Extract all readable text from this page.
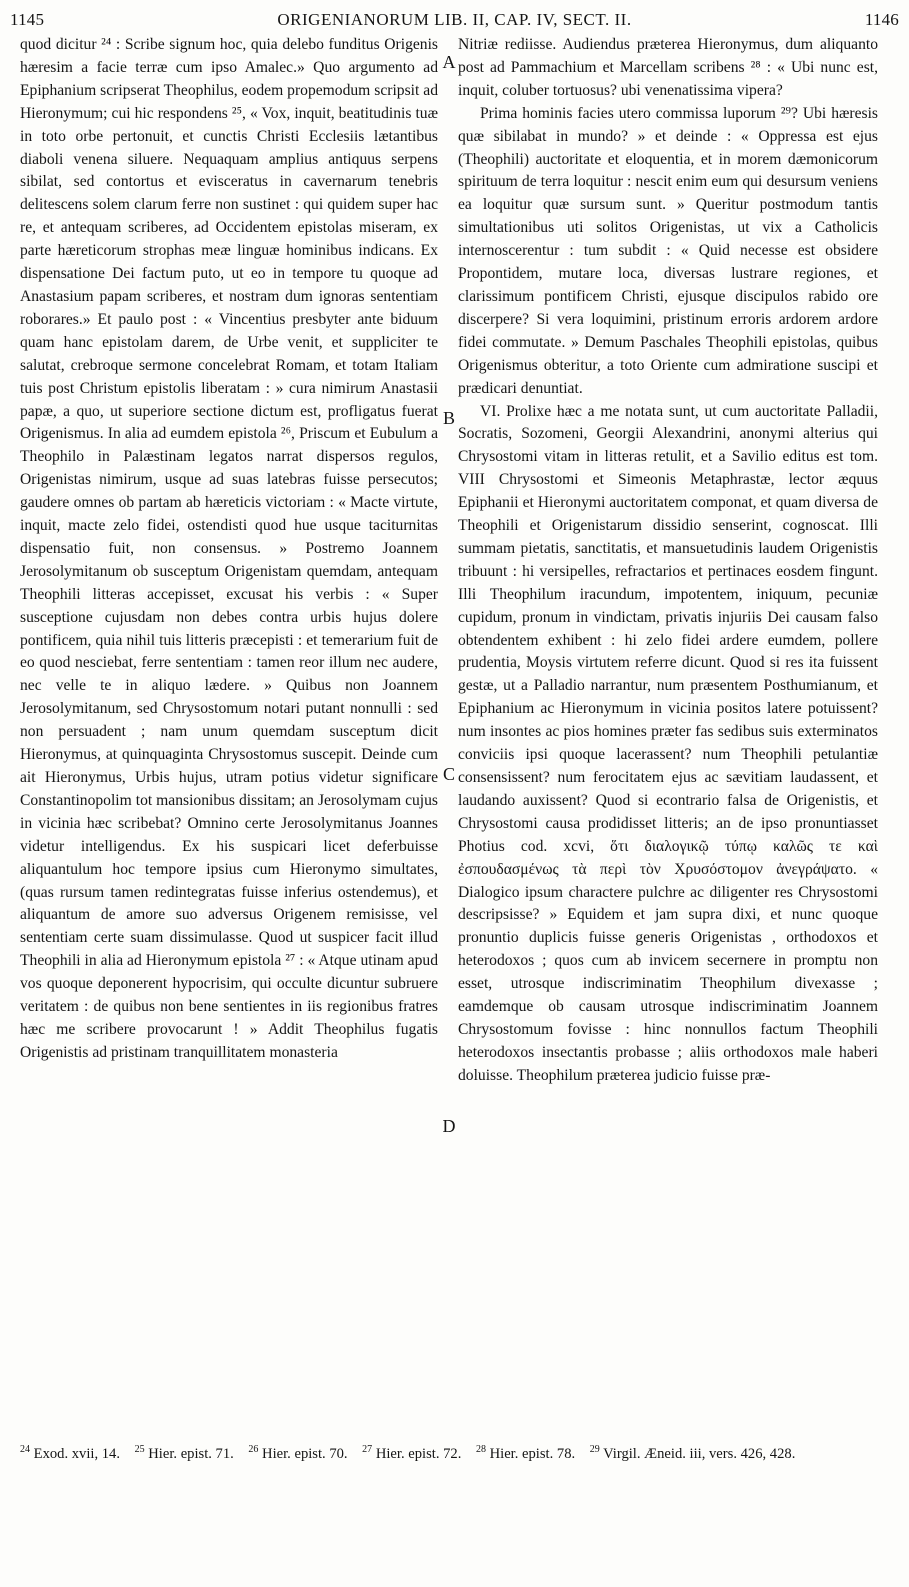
1145	ORIGENIANORUM LIB. II, CAP. IV, SECT. II.	1146

quod dicitur ²⁴ : Scribe signum hoc, quia delebo funditus Origenis hæresim a facie terræ cum ipso Amalec.» Quo argumento ad Epiphanium scripserat Theophilus, eodem propemodum scripsit ad Hieronymum; cui hic respondens ²⁵, « Vox, inquit, beatitudinis tuæ in toto orbe pertonuit, et cunctis Christi Ecclesiis lætantibus diaboli venena siluere. Nequaquam amplius antiquus serpens sibilat, sed contortus et evisceratus in cavernarum tenebris delitescens solem clarum ferre non sustinet : qui quidem super hac re, et antequam scriberes, ad Occidentem epistolas miseram, ex parte hæreticorum strophas meæ linguæ hominibus indicans. Ex dispensatione Dei factum puto, ut eo in tempore tu quoque ad Anastasium papam scriberes, et nostram dum ignoras sententiam roborares.» Et paulo post : « Vincentius presbyter ante biduum quam hanc epistolam darem, de Urbe venit, et suppliciter te salutat, crebroque sermone concelebrat Romam, et totam Italiam tuis post Christum epistolis liberatam : » cura nimirum Anastasii papæ, a quo, ut superiore sectione dictum est, profligatus fuerat Origenismus. In alia ad eumdem epistola ²⁶, Priscum et Eubulum a Theophilo in Palæstinam legatos narrat dispersos regulos, Origenistas nimirum, usque ad suas latebras fuisse persecutos; gaudere omnes ob partam ab hæreticis victoriam : « Macte virtute, inquit, macte zelo fidei, ostendisti quod hue usque taciturnitas dispensatio fuit, non consensus. » Postremo Joannem Jerosolymitanum ob susceptum Origenistam quemdam, antequam Theophili litteras accepisset, excusat his verbis : « Super susceptione cujusdam non debes contra urbis hujus dolere pontificem, quia nihil tuis litteris præcepisti : et temerarium fuit de eo quod nesciebat, ferre sententiam : tamen reor illum nec audere, nec velle te in aliquo lædere. » Quibus non Joannem Jerosolymitanum, sed Chrysostomum notari putant nonnulli : sed non persuadent ; nam unum quemdam susceptum dicit Hieronymus, at quinquaginta Chrysostomus suscepit. Deinde cum ait Hieronymus, Urbis hujus, utram potius videtur significare Constantinopolim tot mansionibus dissitam; an Jerosolymam cujus in vicinia hæc scribebat? Omnino certe Jerosolymitanus Joannes videtur intelligendus. Ex his suspicari licet deferbuisse aliquantulum hoc tempore ipsius cum Hieronymo simultates, (quas rursum tamen redintegratas fuisse inferius ostendemus), et aliquantum de amore suo adversus Origenem remisisse, vel sententiam certe suam dissimulasse. Quod ut suspicer facit illud Theophili in alia ad Hieronymum epistola ²⁷ : « Atque utinam apud vos quoque deponerent hypocrisim, qui occulte dicuntur subruere veritatem : de quibus non bene sentientes in iis regionibus fratres hæc me scribere provocarunt ! » Addit Theophilus fugatis Origenistis ad pristinam tranquillitatem monasteria

A
B
C
D

Nitriæ rediisse. Audiendus præterea Hieronymus, dum aliquanto post ad Pammachium et Marcellam scribens ²⁸ : « Ubi nunc est, inquit, coluber tortuosus? ubi venenatissima vipera?

Prima hominis facies utero commissa luporum ²⁹? Ubi hæresis quæ sibilabat in mundo? » et deinde : « Oppressa est ejus (Theophili) auctoritate et eloquentia, et in morem dæmonicorum spirituum de terra loquitur : nescit enim eum qui desursum veniens ea loquitur quæ sursum sunt. » Queritur postmodum tantis simultationibus uti solitos Origenistas, ut vix a Catholicis internoscerentur : tum subdit : « Quid necesse est obsidere Propontidem, mutare loca, diversas lustrare regiones, et clarissimum pontificem Christi, ejusque discipulos rabido ore discerpere? Si vera loquimini, pristinum erroris ardorem ardore fidei commutate. » Demum Paschales Theophili epistolas, quibus Origenismus obteritur, a toto Oriente cum admiratione suscipi et prædicari denuntiat.

VI. Prolixe hæc a me notata sunt, ut cum auctoritate Palladii, Socratis, Sozomeni, Georgii Alexandrini, anonymi alterius qui Chrysostomi vitam in litteras retulit, et a Savilio editus est tom. VIII Chrysostomi et Simeonis Metaphrastæ, lector æquus Epiphanii et Hieronymi auctoritatem componat, et quam diversa de Theophili et Origenistarum dissidio senserint, cognoscat. Illi summam pietatis, sanctitatis, et mansuetudinis laudem Origenistis tribuunt : hi versipelles, refractarios et pertinaces eosdem fingunt. Illi Theophilum iracundum, impotentem, iniquum, pecuniæ cupidum, pronum in vindictam, privatis injuriis Dei causam falso obtendentem exhibent : hi zelo fidei ardere eumdem, pollere prudentia, Moysis virtutem referre dicunt. Quod si res ita fuissent gestæ, ut a Palladio narrantur, num præsentem Posthumianum, et Epiphanium ac Hieronymum in vicinia positos latere potuissent? num insontes ac pios homines præter fas sedibus suis exterminatos conviciis ipsi quoque lacerassent? num Theophili petulantiæ consensissent? num ferocitatem ejus ac sævitiam laudassent, et laudando auxissent? Quod si econtrario falsa de Origenistis, et Chrysostomi causa prodidisset litteris; an de ipso pronuntiasset Photius cod. xcvi, ὅτι διαλογικῷ τύπῳ καλῶς τε καὶ ἐσπουδασμένως τὰ περὶ τὸν Χρυσόστομον ἀνεγράψατο. « Dialogico ipsum charactere pulchre ac diligenter res Chrysostomi descripsisse? » Equidem et jam supra dixi, et nunc quoque pronuntio duplicis fuisse generis Origenistas , orthodoxos et heterodoxos ; quos cum ab invicem secernere in promptu non esset, utrosque indiscriminatim Theophilum divexasse ; eamdemque ob causam utrosque indiscriminatim Joannem Chrysostomum fovisse : hinc nonnullos factum Theophili heterodoxos insectantis probasse ; aliis orthodoxos male haberi doluisse. Theophilum præterea judicio fuisse præ-

$^{24}$ Exod. xvii, 14. $^{25}$ Hier. epist. 71. $^{26}$ Hier. epist. 70. $^{27}$ Hier. epist. 72. $^{28}$ Hier. epist. 78. $^{29}$ Virgil. Æneid. iii, vers. 426, 428.
